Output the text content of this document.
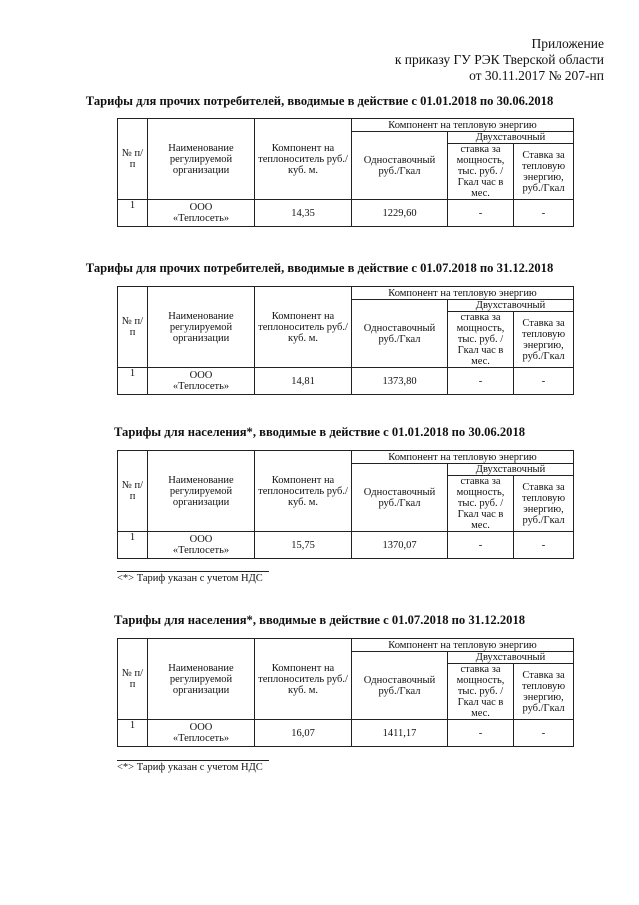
Приложение
к приказу ГУ РЭК Тверской области
от 30.11.2017 № 207-нп
Тарифы для прочих потребителей, вводимые в действие с 01.01.2018 по 30.06.2018
№ п/п	Наименование регулируемой организации	Компонент на теплоноситель руб./куб. м.	Компонент на тепловую энергию		
			Одноставочный руб./Гкал	Двухставочный	
				ставка за мощность, тыс. руб. /Гкал час в мес.	Ставка за тепловую энергию, руб./Гкал
1	ООО
«Теплосеть»	14,35	1229,60	-	-
Тарифы для прочих потребителей, вводимые в действие с 01.07.2018 по 31.12.2018
№ п/п	Наименование регулируемой организации	Компонент на теплоноситель руб./куб. м.	Компонент на тепловую энергию		
			Одноставочный руб./Гкал	Двухставочный	
				ставка за мощность, тыс. руб. /Гкал час в мес.	Ставка за тепловую энергию, руб./Гкал
1	ООО
«Теплосеть»	14,81	1373,80	-	-
Тарифы для населения*, вводимые в действие с 01.01.2018 по 30.06.2018
№ п/п	Наименование регулируемой организации	Компонент на теплоноситель руб./куб. м.	Компонент на тепловую энергию		
			Одноставочный руб./Гкал	Двухставочный	
				ставка за мощность, тыс. руб. /Гкал час в мес.	Ставка за тепловую энергию, руб./Гкал
1	ООО
«Теплосеть»	15,75	1370,07	-	-
<*> Тариф указан с учетом НДС
Тарифы для населения*, вводимые в действие с 01.07.2018 по 31.12.2018
№ п/п	Наименование регулируемой организации	Компонент на теплоноситель руб./куб. м.	Компонент на тепловую энергию		
			Одноставочный руб./Гкал	Двухставочный	
				ставка за мощность, тыс. руб. /Гкал час в мес.	Ставка за тепловую энергию, руб./Гкал
1	ООО
«Теплосеть»	16,07	1411,17	-	-
<*> Тариф указан с учетом НДС
